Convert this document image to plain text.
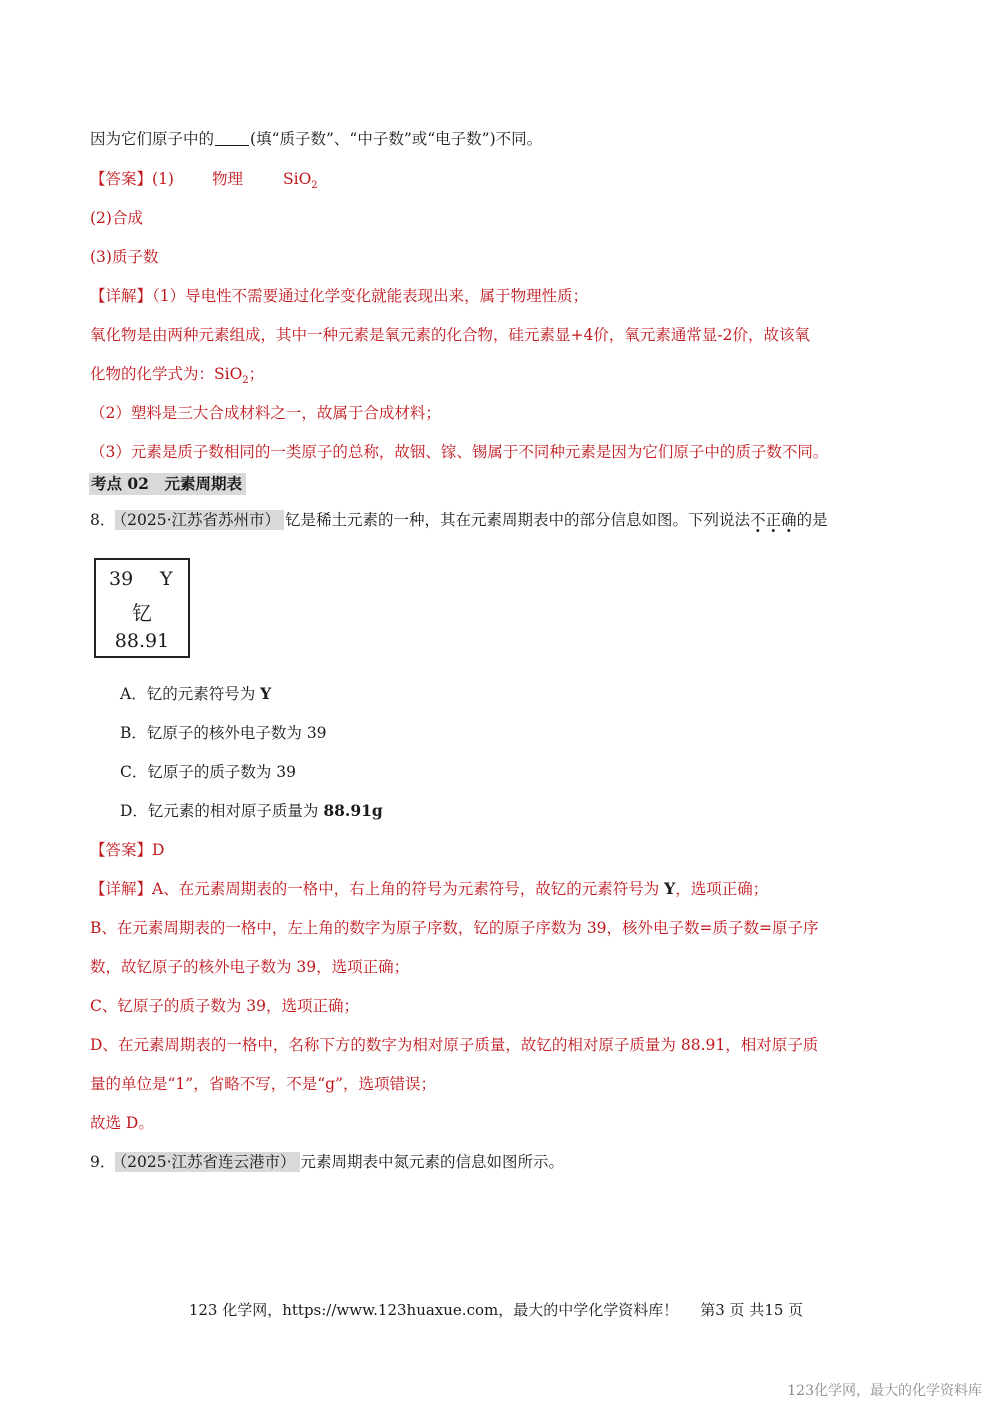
因为它们原子中的 (填“质子数”、“中子数”或“电子数”)不同。
【答案】(1) 物理	SiO$_2$
(2)合成
(3)质子数
【详解】（1）导电性不需要通过化学变化就能表现出来，属于物理性质；
氧化物是由两种元素组成，其中一种元素是氧元素的化合物，硅元素显+4价，氧元素通常显-2价，故该氧
化物的化学式为：SiO$_2$；
（2）塑料是三大合成材料之一，故属于合成材料；
（3）元素是质子数相同的一类原子的总称，故铟、镓、锡属于不同种元素是因为它们原子中的质子数不同。
考点 02　元素周期表
8． （2025·江苏省苏州市） 钇是稀土元素的一种，其在元素周期表中的部分信息如图。下列说法不正确的是
39 Y
钇
88.91
A．钇的元素符号为 Y
B．钇原子的核外电子数为 39
C．钇原子的质子数为 39
D．钇元素的相对原子质量为 88.91g
【答案】D
【详解】A、在元素周期表的一格中，右上角的符号为元素符号，故钇的元素符号为 Y，选项正确；
B、在元素周期表的一格中，左上角的数字为原子序数，钇的原子序数为 39，核外电子数=质子数=原子序
数，故钇原子的核外电子数为 39，选项正确；
C、钇原子的质子数为 39，选项正确；
D、在元素周期表的一格中，名称下方的数字为相对原子质量，故钇的相对原子质量为 88.91，相对原子质
量的单位是“1”，省略不写，不是“g”，选项错误；
故选 D。
9． （2025·江苏省连云港市） 元素周期表中氮元素的信息如图所示。
123 化学网，https://www.123huaxue.com，最大的中学化学资料库！ 第3 页 共15 页
123化学网，最大的化学资料库
